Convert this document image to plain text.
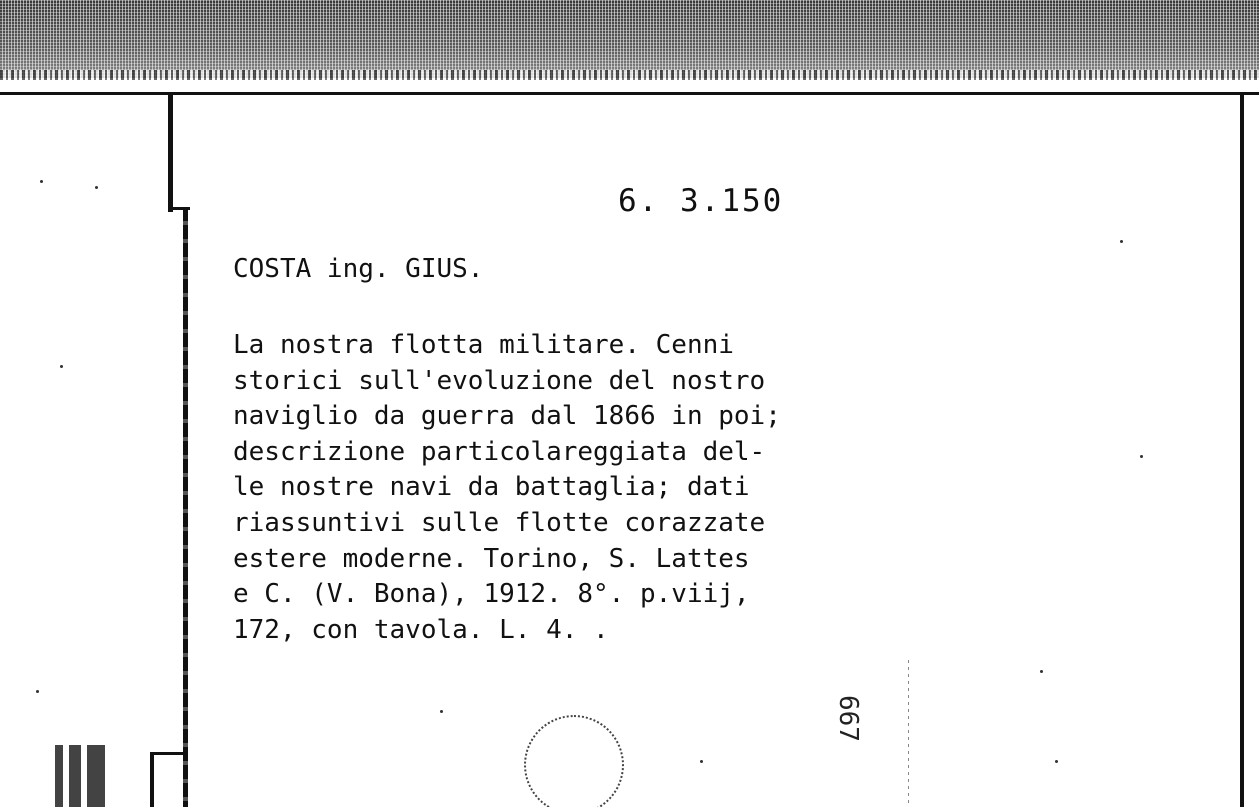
6. 3.150
COSTA ing. GIUS.
La nostra flotta militare. Cenni
storici sull'evoluzione del nostro
naviglio da guerra dal 1866 in poi;
descrizione particolareggiata del-
le nostre navi da battaglia; dati
riassuntivi sulle flotte corazzate
estere moderne. Torino, S. Lattes
e C. (V. Bona), 1912. 8°. p.viij,
172, con tavola. L. 4. .
667
